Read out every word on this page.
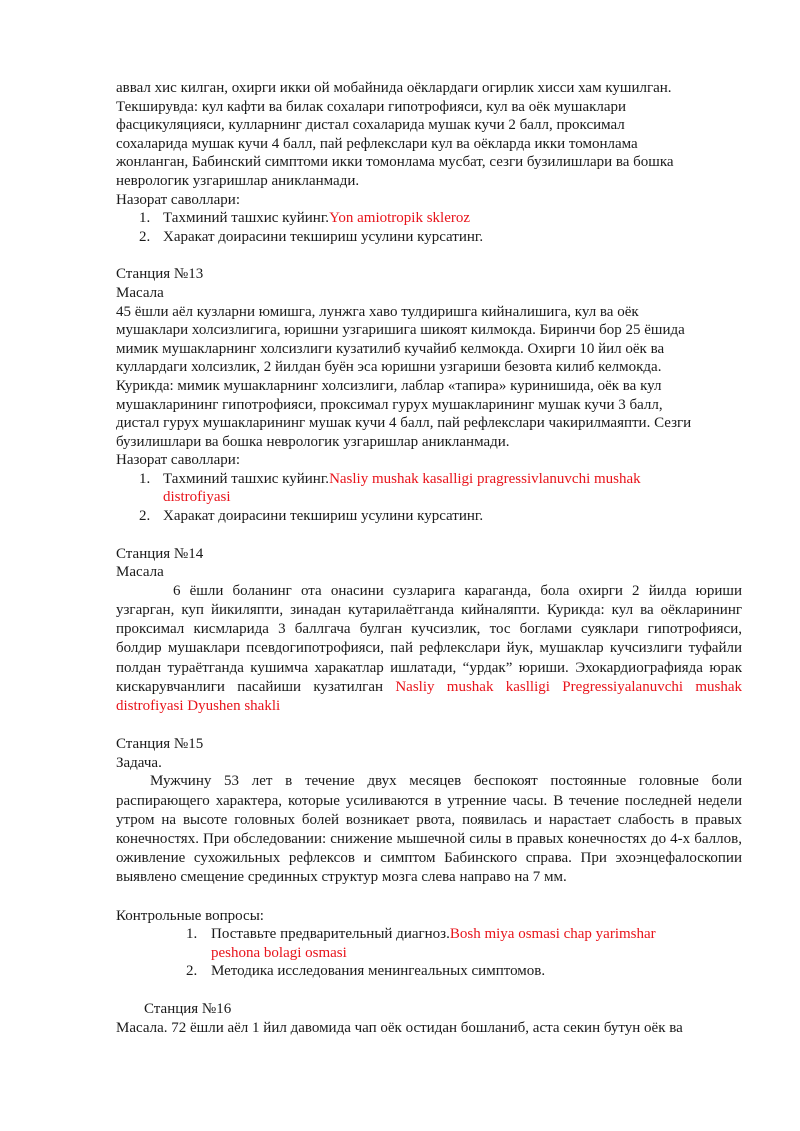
аввал хис килган, охирги икки ой мобайнида оёклардаги огирлик хисси хам кушилган.

Текширувда: кул кафти ва билак сохалари гипотрофияси, кул ва оёк мушаклари

фасцикуляцияси, кулларнинг дистал сохаларида мушак кучи 2 балл, проксимал

сохаларида мушак кучи 4 балл, пай рефлекслари кул ва оёкларда икки томонлама

жонланган, Бабинский симптоми икки томонлама мусбат, сезги бузилишлари ва бошка

неврологик узгаришлар аникланмади.

Назорат саволлари:

1. Тахминий ташхис куйинг.Yon amiotropik skleroz
2. Харакат доирасини текшириш усулини курсатинг.

Станция №13

Масала

45 ёшли аёл кузларни юмишга, лунжга хаво тулдиришга кийналишига, кул ва оёк

мушаклари холсизлигига, юришни узгаришига шикоят килмокда. Биринчи бор 25 ёшида

мимик мушакларнинг холсизлиги кузатилиб кучайиб келмокда. Охирги 10 йил оёк ва

куллардаги холсизлик, 2 йилдан буён эса юришни узгариши безовта килиб келмокда.

Курикда: мимик мушакларнинг холсизлиги, лаблар «тапира» куринишида, оёк ва кул

мушакларининг гипотрофияси, проксимал гурух мушакларининг мушак кучи 3 балл,

дистал гурух мушакларининг мушак кучи 4 балл, пай рефлекслари чакирилмаяпти. Сезги

бузилишлари ва бошка неврологик узгаришлар аникланмади.

Назорат саволлари:

1. Тахминий ташхис куйинг.Nasliy mushak kasalligi pragressivlanuvchi mushak
distrofiyasi
2. Харакат доирасини текшириш усулини курсатинг.

Станция №14

Масала

6 ёшли боланинг ота онасини сузларига караганда, бола охирги 2 йилда юриши узгарган, куп йикиляпти, зинадан кутарилаётганда кийналяпти. Курикда: кул ва оёкларининг проксимал кисмларида 3 баллгача булган кучсизлик, тос боглами суяклари гипотрофияси, болдир мушаклари псевдогипотрофияси, пай рефлекслари йук, мушаклар кучсизлиги туфайли полдан тураётганда кушимча харакатлар ишлатади, “урдак” юриши. Эхокардиографияда юрак кискарувчанлиги пасайиши кузатилган Nasliy mushak kaslligi Pregressiyalanuvchi mushak distrofiyasi Dyushen shakli

Станция №15

Задача.

Мужчину 53 лет в течение двух месяцев беспокоят постоянные головные боли распирающего характера, которые усиливаются в утренние часы. В течение последней недели утром на высоте головных болей возникает рвота, появилась и нарастает слабость в правых конечностях. При обследовании: снижение мышечной силы в правых конечностях до 4-х баллов, оживление сухожильных рефлексов и симптом Бабинского справа. При эхоэнцефалоскопии выявлено смещение срединных структур мозга слева направо на 7 мм.

Контрольные вопросы:

1. Поставьте предварительный диагноз.Bosh miya osmasi chap yarimshar
peshona bolagi osmasi
2. Методика исследования менингеальных симптомов.

Станция №16

Масала. 72 ёшли аёл 1 йил давомида чап оёк остидан бошланиб, аста секин бутун оёк ва
